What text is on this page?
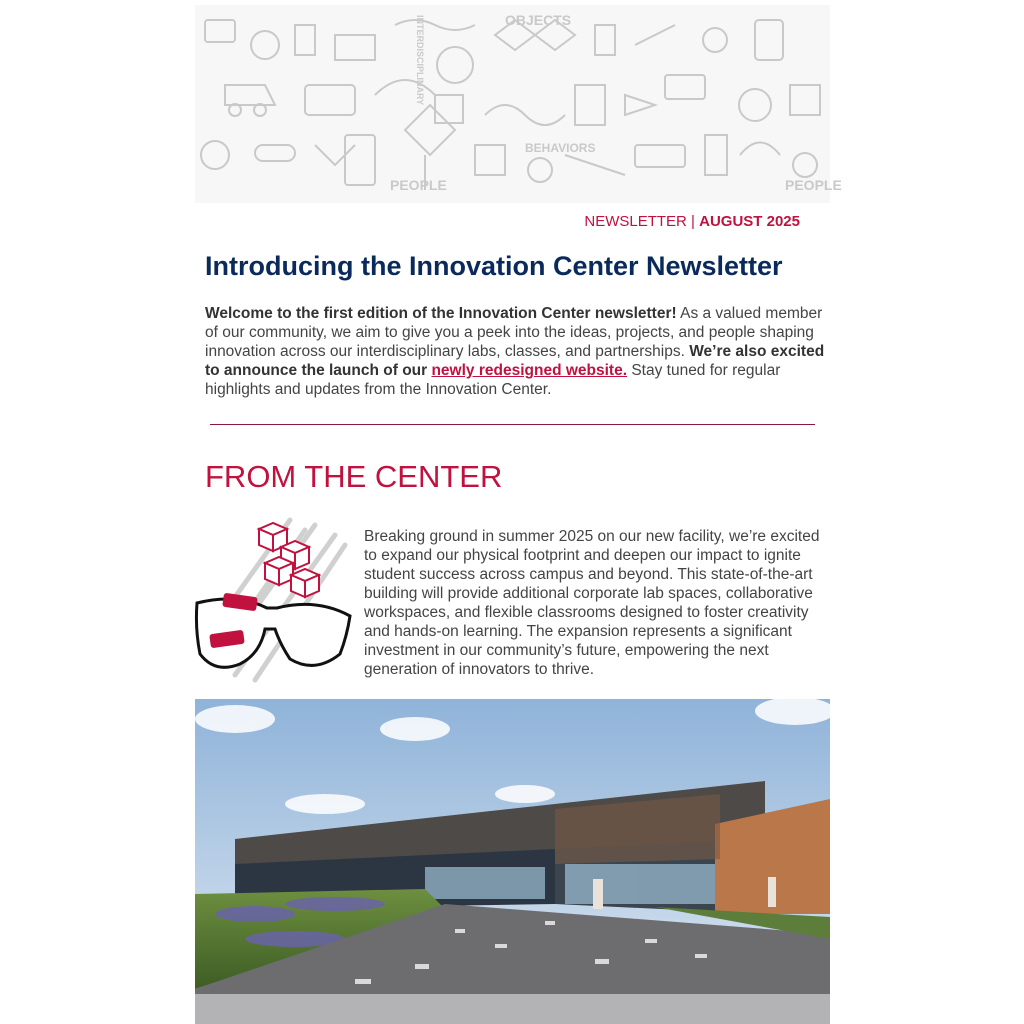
OBJECTS
BEHAVIORS
PEOPLE	PEOPLE
INTERDISCIPLINARY
NEWSLETTER | AUGUST 2025
Introducing the Innovation Center Newsletter

Welcome to the first edition of the Innovation Center newsletter! As a valued member of our community, we aim to give you a peek into the ideas, projects, and people shaping innovation across our interdisciplinary labs, classes, and partnerships. We’re also excited to announce the launch of our newly redesigned website. Stay tuned for regular highlights and updates from the Innovation Center.

FROM THE CENTER

Breaking ground in summer 2025 on our new facility, we’re excited to expand our physical footprint and deepen our impact to ignite student success across campus and beyond. This state-of-the-art building will provide additional corporate lab spaces, collaborative workspaces, and flexible classrooms designed to foster creativity and hands-on learning. The expansion represents a significant investment in our community’s future, empowering the next generation of innovators to thrive.
